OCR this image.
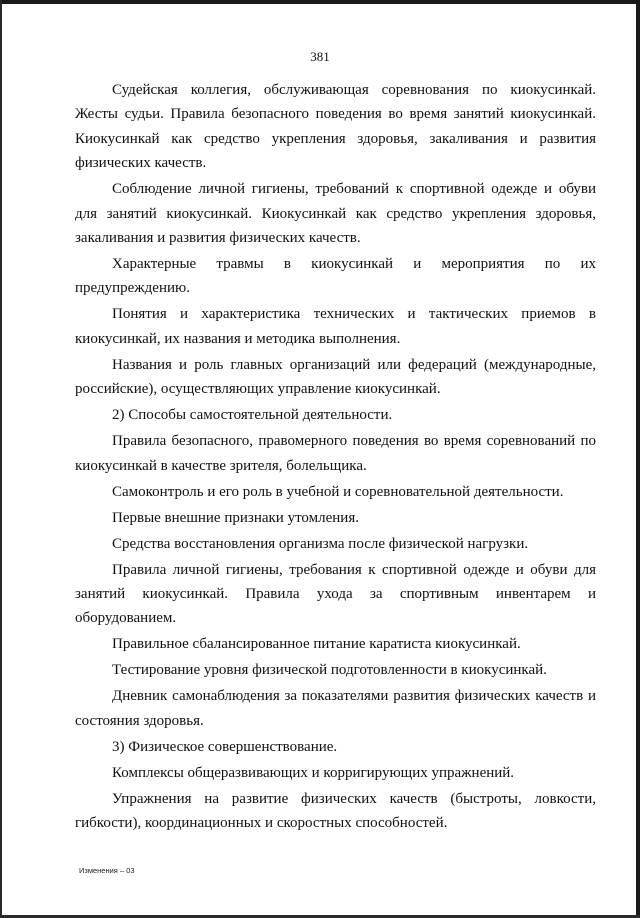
381

Судейская коллегия, обслуживающая соревнования по киокусинкай. Жесты судьи. Правила безопасного поведения во время занятий киокусинкай. Киокусинкай как средство укрепления здоровья, закаливания и развития физических качеств.

Соблюдение личной гигиены, требований к спортивной одежде и обуви для занятий киокусинкай. Киокусинкай как средство укрепления здоровья, закаливания и развития физических качеств.

Характерные травмы в киокусинкай и мероприятия по их предупреждению.

Понятия и характеристика технических и тактических приемов в киокусинкай, их названия и методика выполнения.

Названия и роль главных организаций или федераций (международные, российские), осуществляющих управление киокусинкай.

2) Способы самостоятельной деятельности.

Правила безопасного, правомерного поведения во время соревнований по киокусинкай в качестве зрителя, болельщика.

Самоконтроль и его роль в учебной и соревновательной деятельности.

Первые внешние признаки утомления.

Средства восстановления организма после физической нагрузки.

Правила личной гигиены, требования к спортивной одежде и обуви для занятий киокусинкай. Правила ухода за спортивным инвентарем и оборудованием.

Правильное сбалансированное питание каратиста киокусинкай.

Тестирование уровня физической подготовленности в киокусинкай.

Дневник самонаблюдения за показателями развития физических качеств и состояния здоровья.

3) Физическое совершенствование.

Комплексы общеразвивающих и корригирующих упражнений.

Упражнения на развитие физических качеств (быстроты, ловкости, гибкости), координационных и скоростных способностей.

Изменения – 03
